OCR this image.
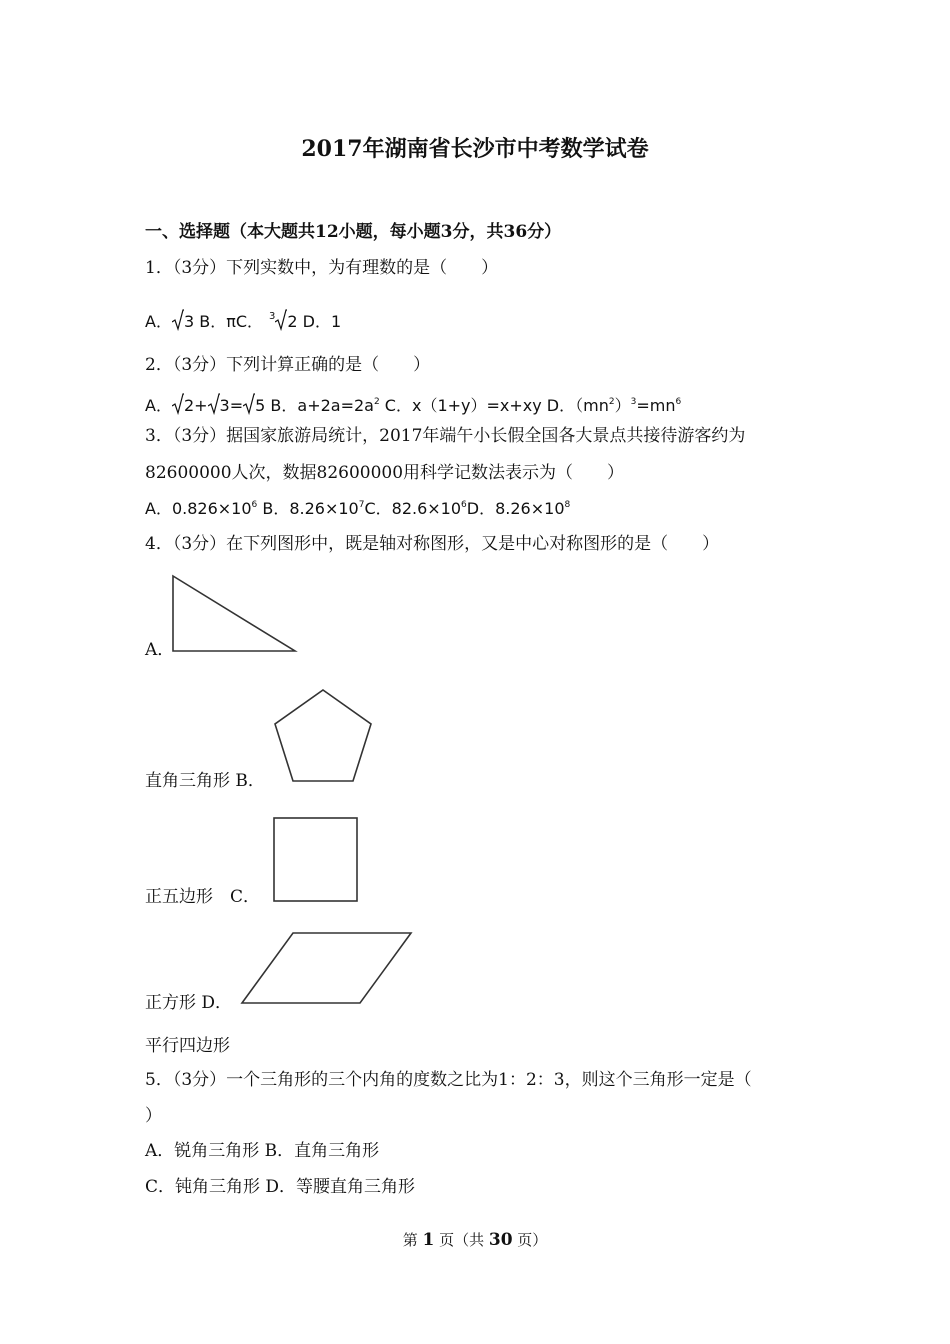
2017年湖南省长沙市中考数学试卷
一、选择题（本大题共12小题，每小题3分，共36分）
1．（3分）下列实数中，为有理数的是（　　）
A． 3 B．πC． $^3$ 2 D．1
2．（3分）下列计算正确的是（　　）
A． 2+ 3= 5 B．$a+2a=2a^2$ C．x（1+y）=x+xy D．$(mn^2)^3=mn^6$
3．（3分）据国家旅游局统计，2017年端午小长假全国各大景点共接待游客约为
82600000人次，数据82600000用科学记数法表示为（　　）
A．$0.826\times 10^6$ B．$8.26\times 10^7C$．$82.6\times 10^6D$．$8.26\times 10^8$
4．（3分）在下列图形中，既是轴对称图形，又是中心对称图形的是（　　）
A．
直角三角形 B．
正五边形　C．
正方形 D．
平行四边形
5．（3分）一个三角形的三个内角的度数之比为1：2：3，则这个三角形一定是（
）
A．锐角三角形 B．直角三角形
C．钝角三角形 D．等腰直角三角形
第 1 页（共 30 页）
